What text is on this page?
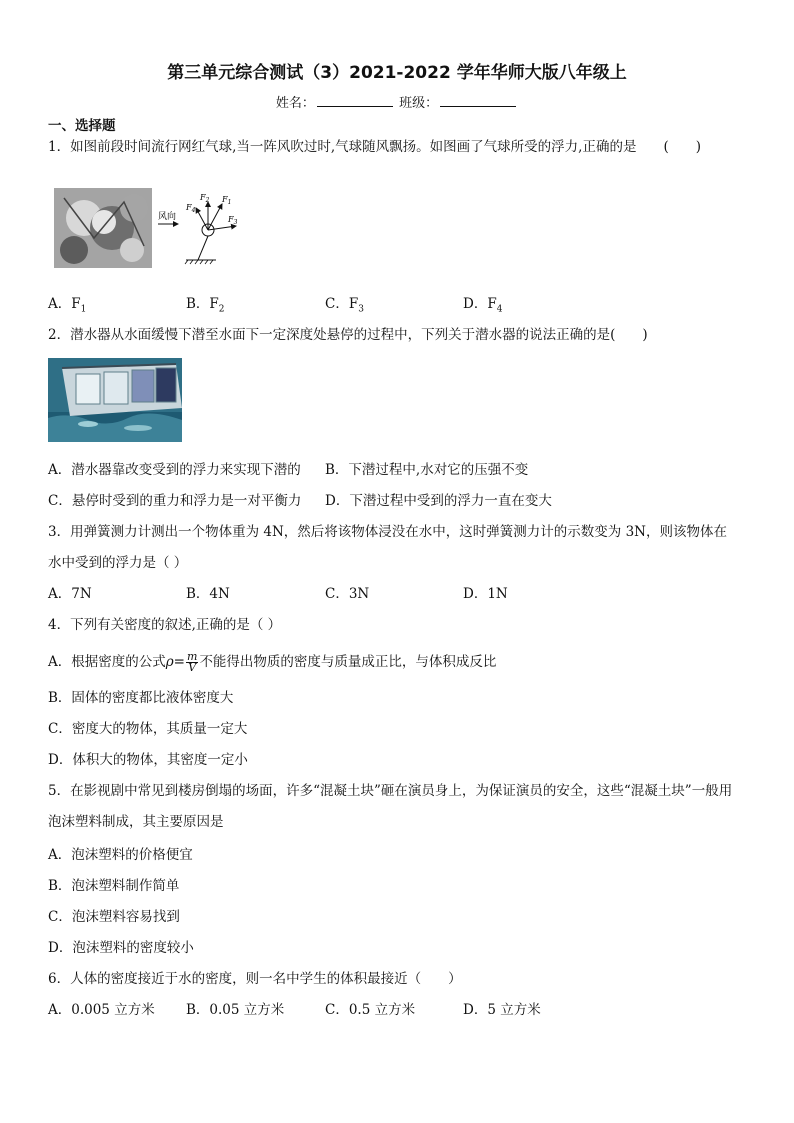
第三单元综合测试（3）2021-2022 学年华师大版八年级上
姓名：	班级：
一、选择题
1．如图前段时间流行网红气球,当一阵风吹过时,气球随风飘扬。如图画了气球所受的浮力,正确的是　　(　　)
风向
$F_2$ $F_1$
$F_4$
$F_3$
A．$F_1$	B．$F_2$	C．$F_3$	D．$F_4$
2．潜水器从水面缓慢下潜至水面下一定深度处悬停的过程中，下列关于潜水器的说法正确的是(　　)
A．潜水器靠改变受到的浮力来实现下潜的 B．下潜过程中,水对它的压强不变
C．悬停时受到的重力和浮力是一对平衡力 D．下潜过程中受到的浮力一直在变大
3．用弹簧测力计测出一个物体重为 4N，然后将该物体浸没在水中，这时弹簧测力计的示数变为 3N，则该物体在
水中受到的浮力是（ ）
A．7N	B．4N	C．3N	D．1N
4．下列有关密度的叙述,正确的是（ ）
A．根据密度的公式$\rho= \frac{m}{V}$ 不能得出物质的密度与质量成正比，与体积成反比
B．固体的密度都比液体密度大
C．密度大的物体，其质量一定大
D．体积大的物体，其密度一定小
5．在影视剧中常见到楼房倒塌的场面，许多“混凝土块”砸在演员身上，为保证演员的安全，这些“混凝土块”一般用
泡沫塑料制成，其主要原因是
A．泡沫塑料的价格便宜
B．泡沫塑料制作简单
C．泡沫塑料容易找到
D．泡沫塑料的密度较小
6．人体的密度接近于水的密度，则一名中学生的体积最接近（　　）
A．0.005 立方米 B．0.05 立方米	C．0.5 立方米	D．5 立方米
